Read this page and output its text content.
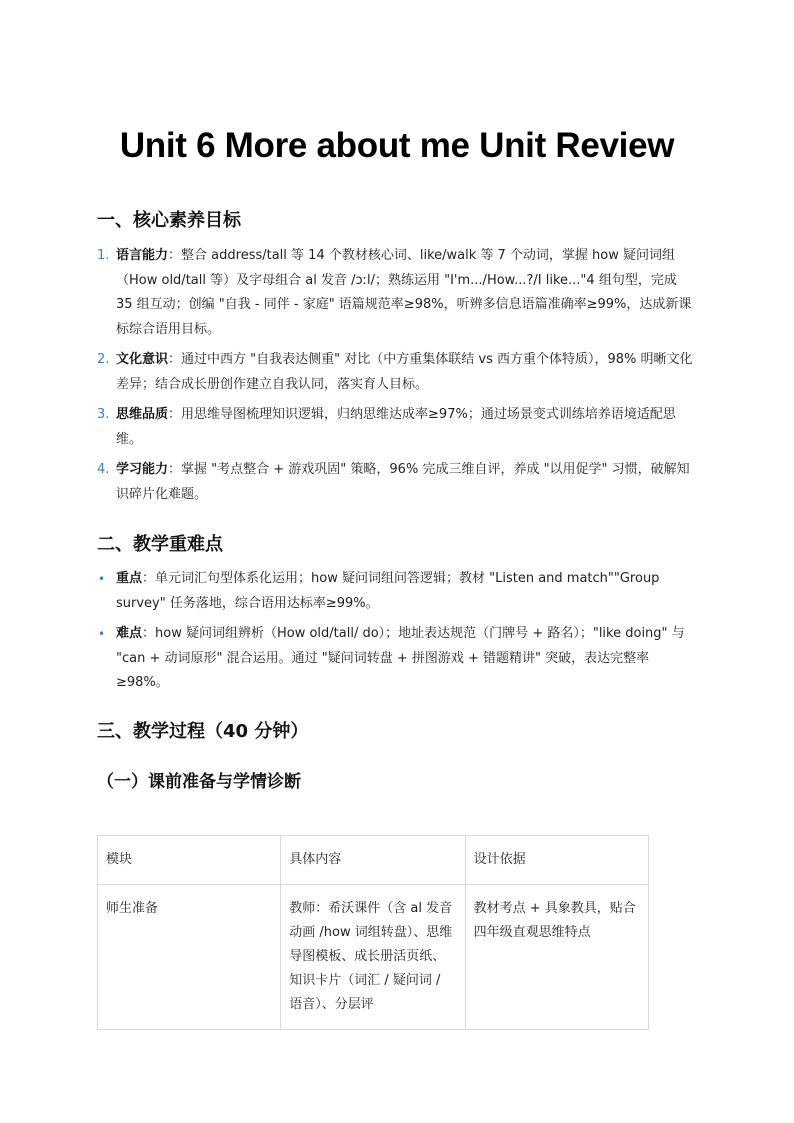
Unit 6 More about me Unit Review
一、核心素养目标
1. 语言能力：整合 address/tall 等 14 个教材核心词、like/walk 等 7 个动词，掌握 how 疑问词组（How old/tall 等）及字母组合 al 发音 /ɔːl/；熟练运用 "I'm.../How...?/I like..."4 组句型，完成 35 组互动；创编 "自我 - 同伴 - 家庭" 语篇规范率≥98%，听辨多信息语篇准确率≥99%，达成新课标综合语用目标。
2. 文化意识：通过中西方 "自我表达侧重" 对比（中方重集体联结 vs 西方重个体特质），98% 明晰文化差异；结合成长册创作建立自我认同，落实育人目标。
3. 思维品质：用思维导图梳理知识逻辑，归纳思维达成率≥97%；通过场景变式训练培养语境适配思维。
4. 学习能力：掌握 "考点整合 + 游戏巩固" 策略，96% 完成三维自评，养成 "以用促学" 习惯，破解知识碎片化难题。
二、教学重难点
• 重点：单元词汇句型体系化运用；how 疑问词组问答逻辑；教材 "Listen and match""Group survey" 任务落地，综合语用达标率≥99%。
• 难点：how 疑问词组辨析（How old/tall/ do）；地址表达规范（门牌号 + 路名）；"like doing" 与 "can + 动词原形" 混合运用。通过 "疑问词转盘 + 拼图游戏 + 错题精讲" 突破，表达完整率≥98%。
三、教学过程（40 分钟）
（一）课前准备与学情诊断
模块	具体内容	设计依据
师生准备	教师：希沃课件（含 al 发音动画 /how 词组转盘）、思维导图模板、成长册活页纸、知识卡片（词汇 / 疑问词 / 语音）、分层评	教材考点 + 具象教具，贴合四年级直观思维特点
